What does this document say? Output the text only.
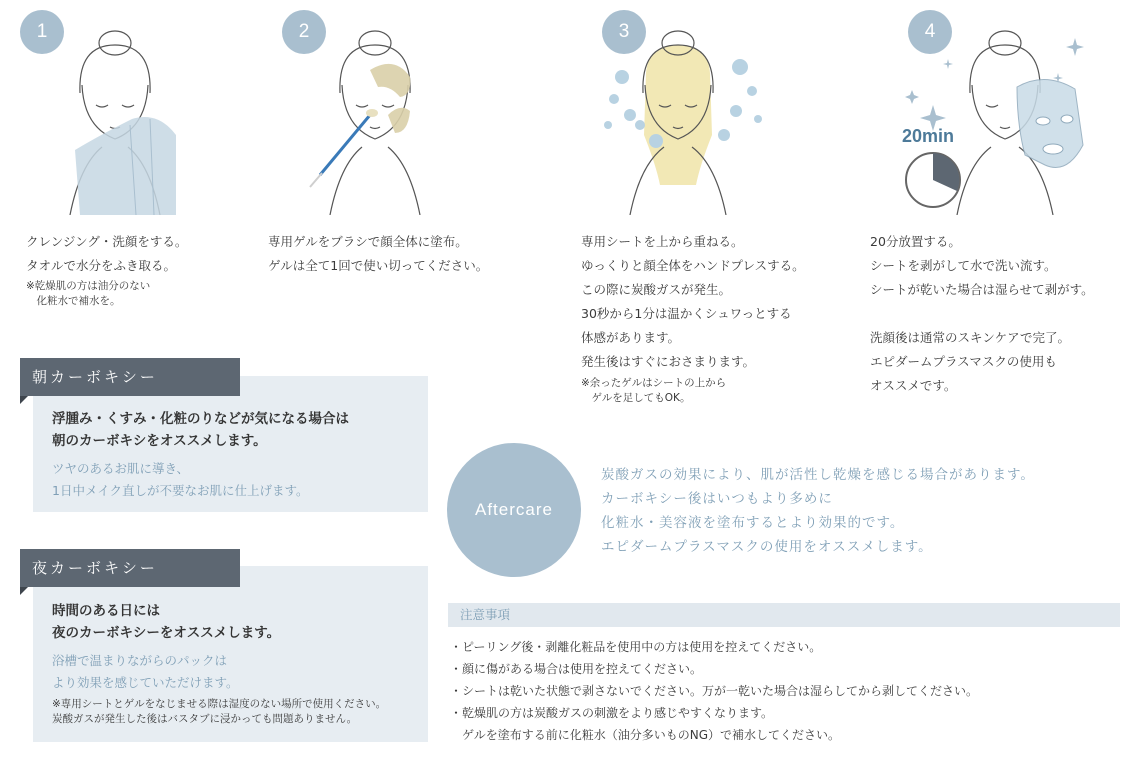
1	2	3	4
20min
クレンジング・洗顔をする。
タオルで水分をふき取る。
※乾燥肌の方は油分のない
　化粧水で補水を。
専用ゲルをブラシで顔全体に塗布。
ゲルは全て1回で使い切ってください。
専用シートを上から重ねる。
ゆっくりと顔全体をハンドプレスする。
この際に炭酸ガスが発生。
30秒から1分は温かくシュワっとする
体感があります。
発生後はすぐにおさまります。
※余ったゲルはシートの上から
　ゲルを足してもOK。
20分放置する。
シートを剥がして水で洗い流す。
シートが乾いた場合は湿らせて剥がす。
洗顔後は通常のスキンケアで完了。
エピダームプラスマスクの使用も
オススメです。
朝カーボキシー
浮腫み・くすみ・化粧のりなどが気になる場合は
朝のカーボキシをオススメします。
ツヤのあるお肌に導き、
1日中メイク直しが不要なお肌に仕上げます。
夜カーボキシー
時間のある日には
夜のカーボキシーをオススメします。
浴槽で温まりながらのパックは
より効果を感じていただけます。
※専用シートとゲルをなじませる際は湿度のない場所で使用ください。
炭酸ガスが発生した後はバスタブに浸かっても問題ありません。
Aftercare
炭酸ガスの効果により、肌が活性し乾燥を感じる場合があります。
カーボキシー後はいつもより多めに
化粧水・美容液を塗布するとより効果的です。
エピダームプラスマスクの使用をオススメします。
注意事項
・ピーリング後・剥離化粧品を使用中の方は使用を控えてください。
・顔に傷がある場合は使用を控えてください。
・シートは乾いた状態で剥さないでください。万が一乾いた場合は湿らしてから剥してください。
・乾燥肌の方は炭酸ガスの刺激をより感じやすくなります。
　ゲルを塗布する前に化粧水（油分多いものNG）で補水してください。
